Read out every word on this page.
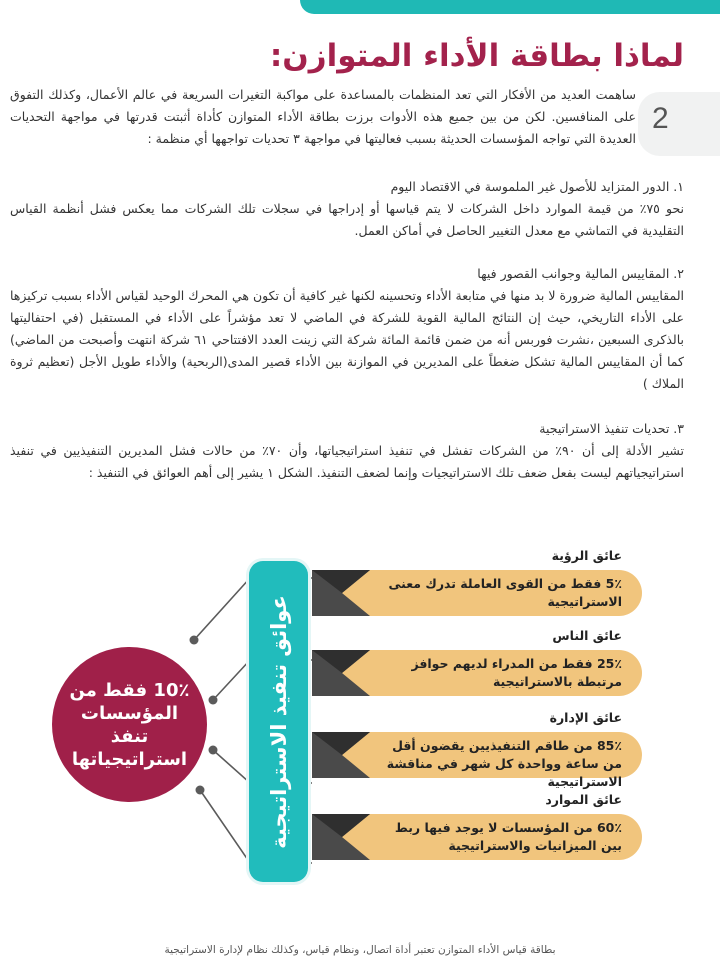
2
لماذا بطاقة الأداء المتوازن:

ساهمت العديد من الأفكار التي تعد المنظمات بالمساعدة على مواكبة التغيرات السريعة في عالم الأعمال، وكذلك التفوق على المنافسين. لكن من بين جميع هذه الأدوات برزت بطاقة الأداء المتوازن كأداة أثبتت قدرتها في مواجهة التحديات العديدة التي تواجه المؤسسات الحديثة بسبب فعاليتها في مواجهة ٣ تحديات تواجهها أي منظمة :

١. الدور المتزايد للأصول غير الملموسة في الاقتصاد اليوم
نحو ٧٥٪ من قيمة الموارد داخل الشركات لا يتم قياسها أو إدراجها في سجلات تلك الشركات مما يعكس فشل أنظمة القياس التقليدية في التماشي مع معدل التغيير الحاصل في أماكن العمل.
٢. المقاييس المالية وجوانب القصور فيها
المقاييس المالية ضرورة لا بد منها في متابعة الأداء وتحسينه لكنها غير كافية أن تكون هي المحرك الوحيد لقياس الأداء بسبب تركيزها على الأداء التاريخي، حيث إن النتائج المالية القوية للشركة في الماضي لا تعد مؤشراً على الأداء في المستقبل (في احتفاليتها بالذكرى السبعين ،نشرت فوربس أنه من ضمن قائمة المائة شركة التي زينت العدد الافتتاحي ٦١ شركة انتهت وأصبحت من الماضي) كما أن المقاييس المالية تشكل ضغطاً على المديرين في الموازنة بين الأداء قصير المدى(الربحية) والأداء طويل الأجل (تعظيم ثروة الملاك )
٣. تحديات تنفيذ الاستراتيجية
تشير الأدلة إلى أن ٩٠٪ من الشركات تفشل في تنفيذ استراتيجياتها، وأن ٧٠٪ من حالات فشل المديرين التنفيذيين في تنفيذ استراتيجياتهم ليست بفعل ضعف تلك الاستراتيجيات وإنما لضعف التنفيذ. الشكل ١ يشير إلى أهم العوائق في التنفيذ :
عوائق تنفيذ الاستراتيجية
10٪ فقط من المؤسسات تنفذ استراتيجياتها
عائق الرؤية
5٪ فقط من القوى العاملة تدرك معنى الاستراتيجية
عائق الناس
25٪ فقط من المدراء لديهم حوافز مرتبطة بالاستراتيجية
عائق الإدارة
85٪ من طاقم التنفيذيين يقضون أقل من ساعة وواحدة كل شهر في مناقشة الاستراتيجية
عائق الموارد
60٪ من المؤسسات لا يوجد فيها ربط بين الميزانيات والاستراتيجية
بطاقة قياس الأداء المتوازن تعتبر أداة اتصال، ونظام قياس، وكذلك نظام لإدارة الاستراتيجية
